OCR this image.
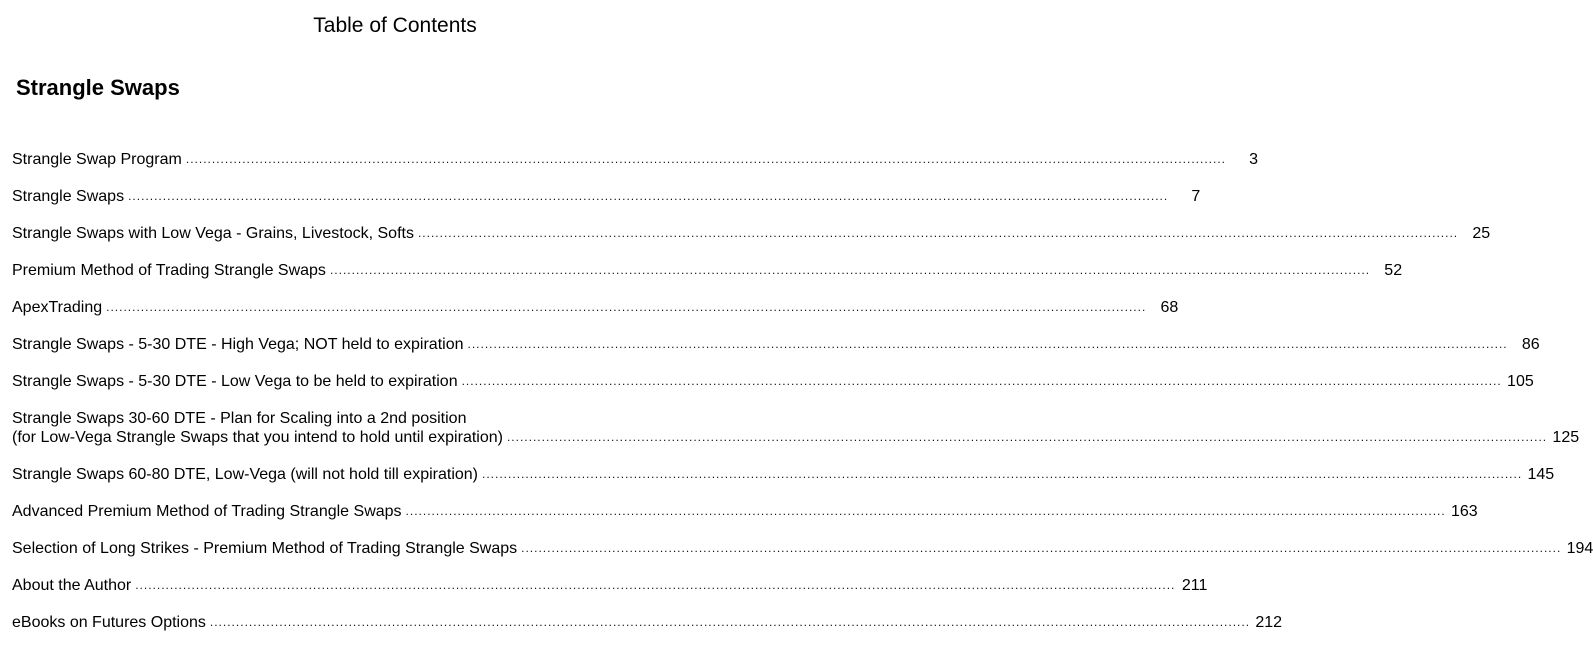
Table of Contents
Strangle Swaps
Strangle Swap Program ................................................................................................................................................................................................................................................	3
Strangle Swaps ................................................................................................................................................................................................................................................	7
Strangle Swaps with Low Vega - Grains, Livestock, Softs ................................................................................................................................................................................................................................................ 25
Premium Method of Trading Strangle Swaps ................................................................................................................................................................................................................................................ 52
ApexTrading ................................................................................................................................................................................................................................................ 68
Strangle Swaps - 5-30 DTE - High Vega; NOT held to expiration ................................................................................................................................................................................................................................................ 86
Strangle Swaps - 5-30 DTE - Low Vega to be held to expiration ................................................................................................................................................................................................................................................ 105
Strangle Swaps 30-60 DTE - Plan for Scaling into a 2nd position
(for Low-Vega Strangle Swaps that you intend to hold until expiration) ................................................................................................................................................................................................................................................ 125
Strangle Swaps 60-80 DTE, Low-Vega (will not hold till expiration) ................................................................................................................................................................................................................................................ 145
Advanced Premium Method of Trading Strangle Swaps ................................................................................................................................................................................................................................................ 163
Selection of Long Strikes - Premium Method of Trading Strangle Swaps ................................................................................................................................................................................................................................................ 194
About the Author ................................................................................................................................................................................................................................................ 211
eBooks on Futures Options ................................................................................................................................................................................................................................................ 212
